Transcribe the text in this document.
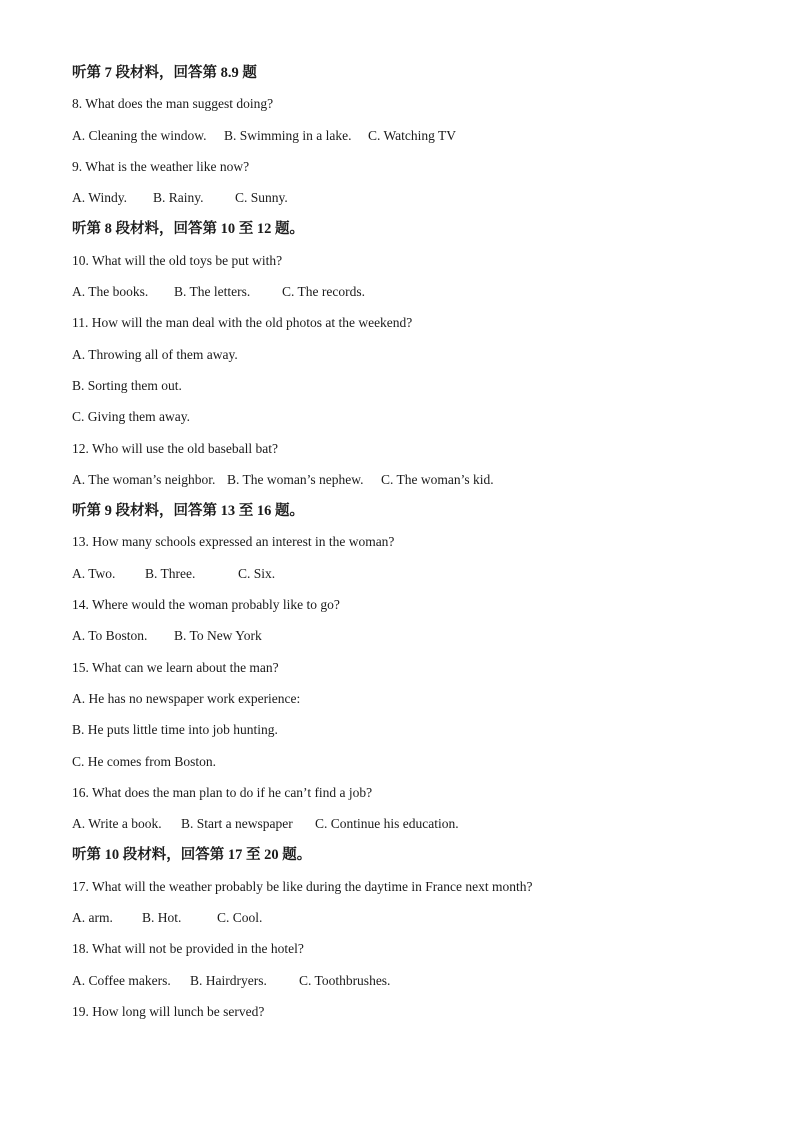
听第 7 段材料，回答第 8.9 题
8. What does the man suggest doing?
A. Cleaning the window. B. Swimming in a lake. C. Watching TV
9. What is the weather like now?
A. Windy. B. Rainy. C. Sunny.
听第 8 段材料，回答第 10 至 12 题。
10. What will the old toys be put with?
A. The books. B. The letters. C. The records.
11. How will the man deal with the old photos at the weekend?
A. Throwing all of them away.
B. Sorting them out.
C. Giving them away.
12. Who will use the old baseball bat?
A. The woman’s neighbor. B. The woman’s nephew. C. The woman’s kid.
听第 9 段材料，回答第 13 至 16 题。
13. How many schools expressed an interest in the woman?
A. Two. B. Three.	C. Six.
14. Where would the woman probably like to go?
A. To Boston. B. To New York
15. What can we learn about the man?
A. He has no newspaper work experience:
B. He puts little time into job hunting.
C. He comes from Boston.
16. What does the man plan to do if he can’t find a job?
A. Write a book. B. Start a newspaper C. Continue his education.
听第 10 段材料，回答第 17 至 20 题。
17. What will the weather probably be like during the daytime in France next month?
A. arm. B. Hot.	C. Cool.
18. What will not be provided in the hotel?
A. Coffee makers. B. Hairdryers. C. Toothbrushes.
19. How long will lunch be served?
